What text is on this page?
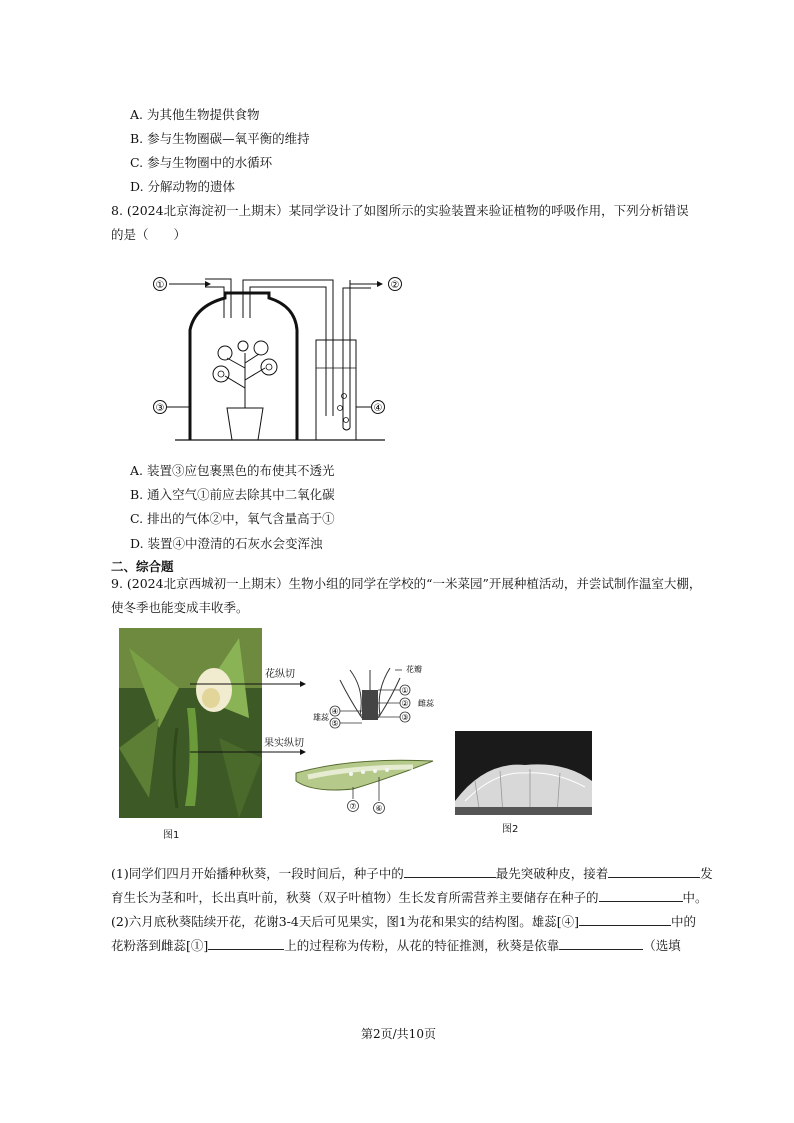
A. 为其他生物提供食物
B. 参与生物圈碳—氧平衡的维持
C. 参与生物圈中的水循环
D. 分解动物的遗体
8. (2024北京海淀初一上期末）某同学设计了如图所示的实验装置来验证植物的呼吸作用，下列分析错误
的是（　　）
①
③
②
④
A. 装置③应包裹黑色的布使其不透光
B. 通入空气①前应去除其中二氧化碳
C. 排出的气体②中，氧气含量高于①
D. 装置④中澄清的石灰水会变浑浊
二、综合题
9. (2024北京西城初一上期末）生物小组的同学在学校的“一米菜园”开展种植活动，并尝试制作温室大棚，
使冬季也能变成丰收季。
花纵切
果实纵切
①
②
③
④
⑤
花瓣
雌蕊
雄蕊
⑦ ⑥
图1
图2
(1)同学们四月开始播种秋葵，一段时间后，种子中的	最先突破种皮，接着	发
育生长为茎和叶，长出真叶前，秋葵（双子叶植物）生长发育所需营养主要储存在种子的	中。
(2)六月底秋葵陆续开花，花谢3-4天后可见果实，图1为花和果实的结构图。雄蕊[④]	中的
花粉落到雌蕊[①]	上的过程称为传粉，从花的特征推测，秋葵是依靠	（选填
第2页/共10页
